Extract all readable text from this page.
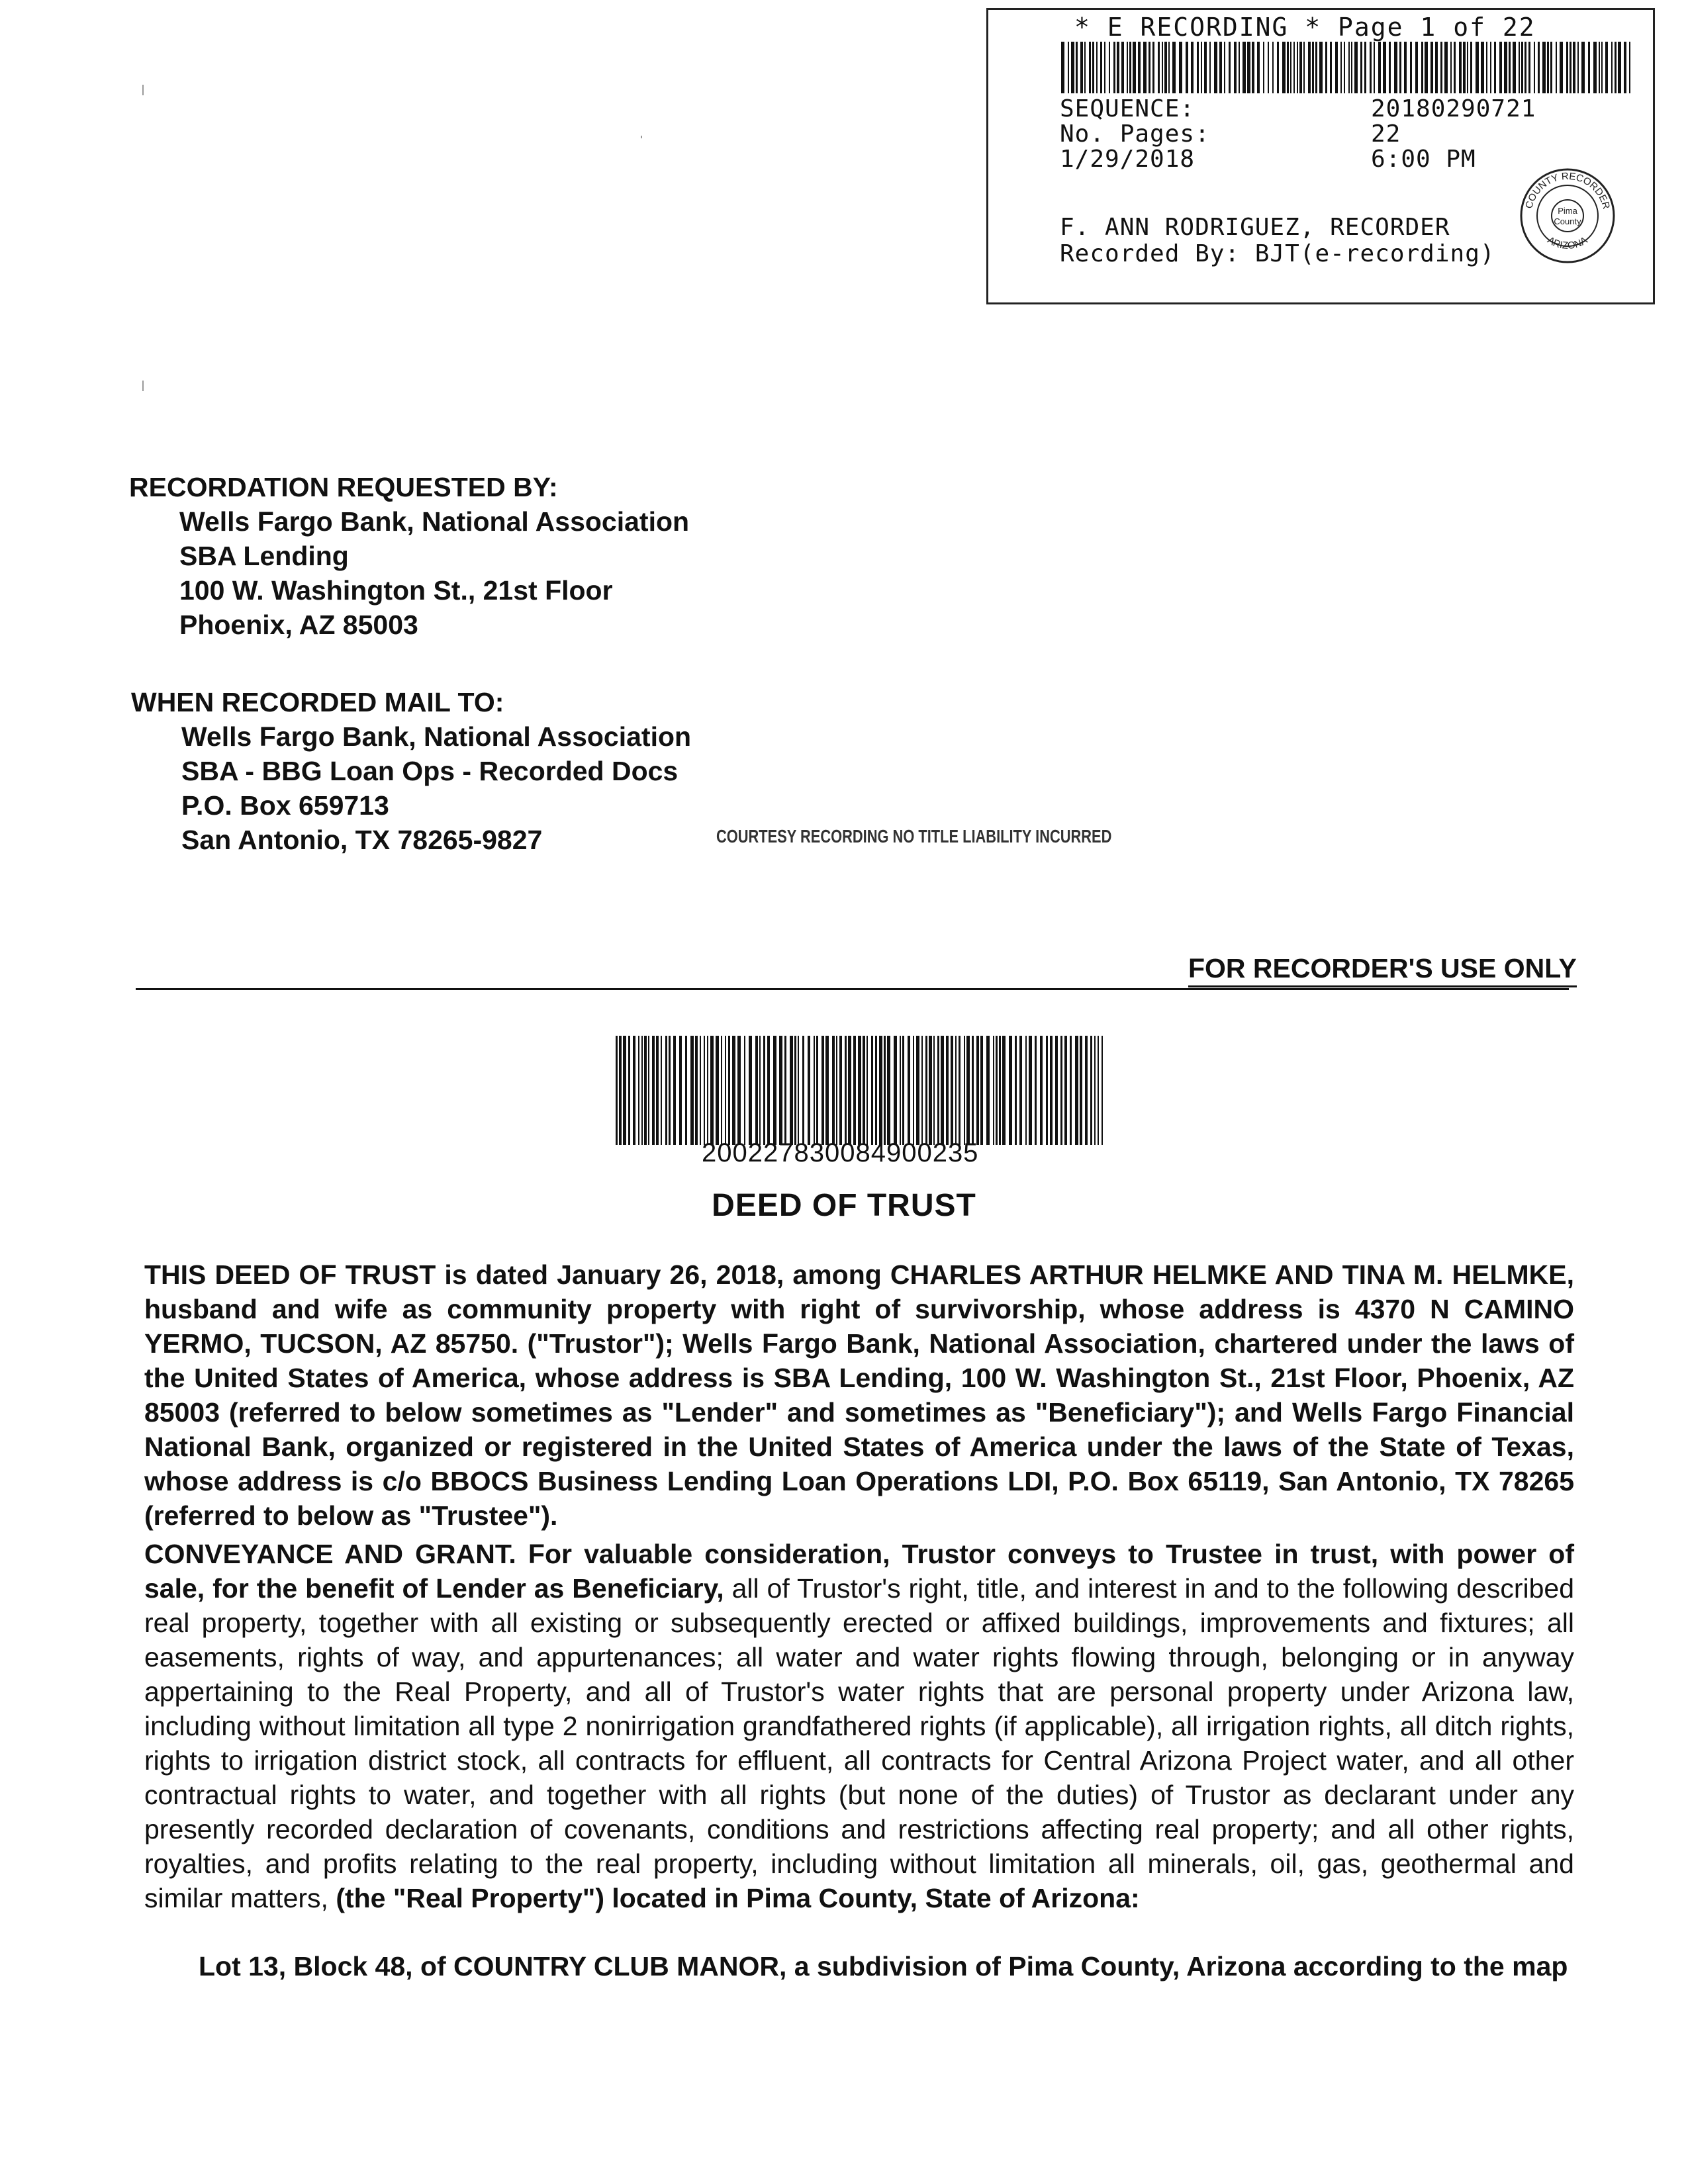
* E RECORDING * Page 1 of 22
SEQUENCE:	20180290721
No. Pages:	22
1/29/2018	6:00 PM
F. ANN RODRIGUEZ, RECORDER
Recorded By: BJT(e-recording)
Pima
County
COUNTY RECORDER
ARIZONA
RECORDATION REQUESTED BY:
Wells Fargo Bank, National Association
SBA Lending
100 W. Washington St., 21st Floor
Phoenix, AZ 85003
WHEN RECORDED MAIL TO:
Wells Fargo Bank, National Association
SBA - BBG Loan Ops - Recorded Docs
P.O. Box 659713
San Antonio, TX 78265-9827	COURTESY RECORDING NO TITLE LIABILITY INCURRED
FOR RECORDER'S USE ONLY
200227830084900235
DEED OF TRUST
THIS DEED OF TRUST is dated January 26, 2018, among CHARLES ARTHUR HELMKE AND TINA M. HELMKE, husband and wife as community property with right of survivorship, whose address is 4370 N CAMINO YERMO, TUCSON, AZ 85750. ("Trustor"); Wells Fargo Bank, National Association, chartered under the laws of the United States of America, whose address is SBA Lending, 100 W. Washington St., 21st Floor, Phoenix, AZ 85003 (referred to below sometimes as "Lender" and sometimes as "Beneficiary"); and Wells Fargo Financial National Bank, organized or registered in the United States of America under the laws of the State of Texas, whose address is c/o BBOCS Business Lending Loan Operations LDI, P.O. Box 65119, San Antonio, TX 78265 (referred to below as "Trustee").
CONVEYANCE AND GRANT. For valuable consideration, Trustor conveys to Trustee in trust, with power of sale, for the benefit of Lender as Beneficiary, all of Trustor's right, title, and interest in and to the following described real property, together with all existing or subsequently erected or affixed buildings, improvements and fixtures; all easements, rights of way, and appurtenances; all water and water rights flowing through, belonging or in anyway appertaining to the Real Property, and all of Trustor's water rights that are personal property under Arizona law, including without limitation all type 2 nonirrigation grandfathered rights (if applicable), all irrigation rights, all ditch rights, rights to irrigation district stock, all contracts for effluent, all contracts for Central Arizona Project water, and all other contractual rights to water, and together with all rights (but none of the duties) of Trustor as declarant under any presently recorded declaration of covenants, conditions and restrictions affecting real property; and all other rights, royalties, and profits relating to the real property, including without limitation all minerals, oil, gas, geothermal and similar matters, (the "Real Property") located in Pima County, State of Arizona:
Lot 13, Block 48, of COUNTRY CLUB MANOR, a subdivision of Pima County, Arizona according to the map
